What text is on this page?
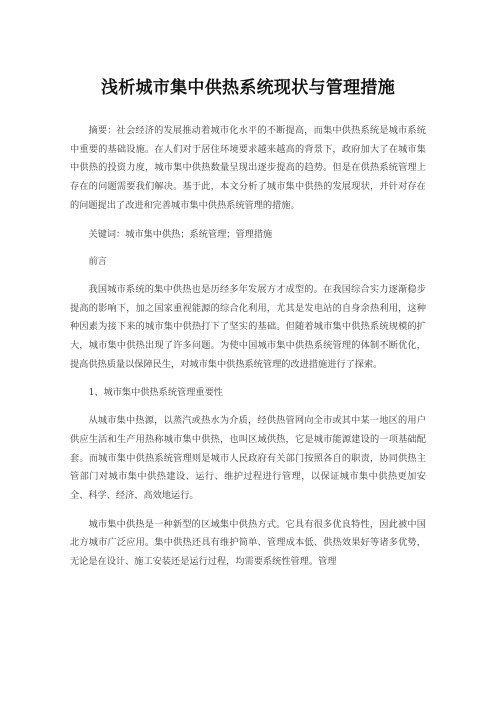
浅析城市集中供热系统现状与管理措施

摘要：社会经济的发展推动着城市化水平的不断提高，而集中供热系统是城市系统中重要的基础设施。在人们对于居住环境要求越来越高的背景下，政府加大了在城市集中供热的投资力度，城市集中供热数量呈现出逐步提高的趋势。但是在供热系统管理上存在的问题需要我们解决。基于此，本文分析了城市集中供热的发展现状，并针对存在的问题提出了改进和完善城市集中供热系统管理的措施。

关键词：城市集中供热；系统管理；管理措施

前言

我国城市系统的集中供热也是历经多年发展方才成型的。在我国综合实力逐渐稳步提高的影响下，加之国家重视能源的综合化利用，尤其是发电站的自身余热利用，这种种因素为接下来的城市集中供热打下了坚实的基础。但随着城市集中供热系统规模的扩大，城市集中供热出现了许多问题。为使中国城市集中供热系统管理的体制不断优化，提高供热质量以保障民生，对城市集中供热系统管理的改进措施进行了探索。

1、城市集中供热系统管理重要性

从城市集中热源，以蒸汽或热水为介质，经供热管网向全市或其中某一地区的用户供应生活和生产用热称城市集中供热，也叫区域供热，它是城市能源建设的一项基础配套。而城市集中供热系统管理则是城市人民政府有关部门按照各自的职责，协同供热主管部门对城市集中供热建设、运行、维护过程进行管理，以保证城市集中供热更加安全、科学、经济、高效地运行。

城市集中供热是一种新型的区域集中供热方式。它具有很多优良特性，因此被中国北方城市广泛应用。集中供热还具有维护简单、管理成本低、供热效果好等诸多优势，无论是在设计、施工安装还是运行过程，均需要系统性管理。管理
